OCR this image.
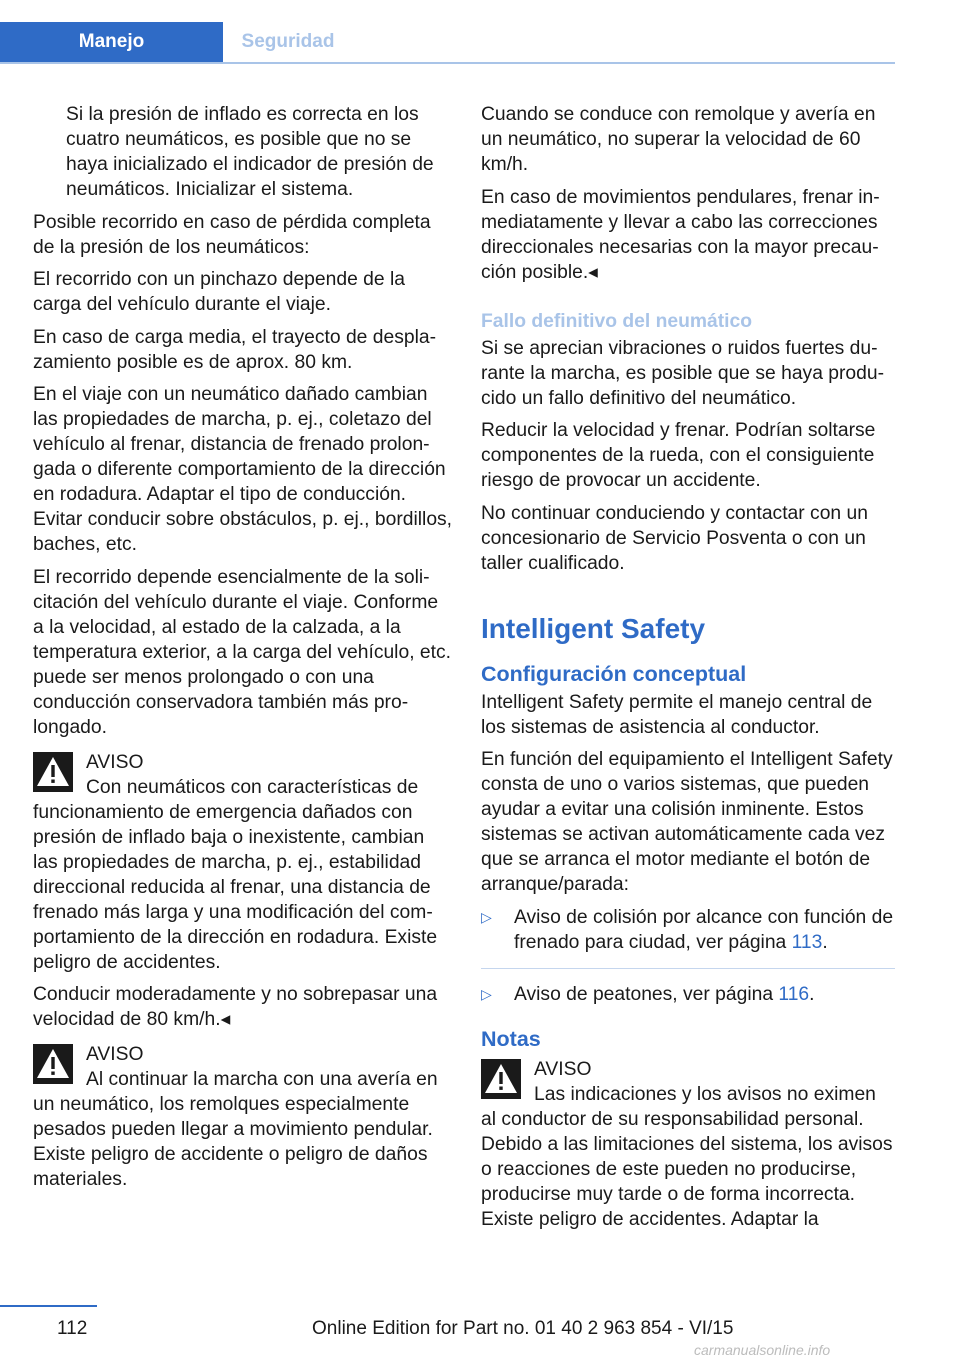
Manejo	Seguridad

Si la presión de inflado es correcta en los cuatro neumáticos, es posible que no se haya inicializado el indicador de presión de neumáticos. Inicializar el sistema.

Posible recorrido en caso de pérdida completa de la presión de los neumáticos:

El recorrido con un pinchazo depende de la carga del vehículo durante el viaje.

En caso de carga media, el trayecto de desplazamiento posible es de aprox. 80 km.

En el viaje con un neumático dañado cambian las propiedades de marcha, p. ej., coletazo del vehículo al frenar, distancia de frenado prolongada o diferente comportamiento de la dirección en rodadura. Adaptar el tipo de conducción. Evitar conducir sobre obstáculos, p. ej., bordillos, baches, etc.

El recorrido depende esencialmente de la solicitación del vehículo durante el viaje. Conforme a la velocidad, al estado de la calzada, a la temperatura exterior, a la carga del vehículo, etc. puede ser menos prolongado o con una conducción conservadora también más prolongado.

AVISO
Con neumáticos con características de funcionamiento de emergencia dañados con presión de inflado baja o inexistente, cambian las propiedades de marcha, p. ej., estabilidad direccional reducida al frenar, una distancia de frenado más larga y una modificación del comportamiento de la dirección en rodadura. Existe peligro de accidentes.

Conducir moderadamente y no sobrepasar una velocidad de 80 km/h.◂

AVISO
Al continuar la marcha con una avería en un neumático, los remolques especialmente pesados pueden llegar a movimiento pendular. Existe peligro de accidente o peligro de daños materiales.

Cuando se conduce con remolque y avería en un neumático, no superar la velocidad de 60 km/h.

En caso de movimientos pendulares, frenar inmediatamente y llevar a cabo las correcciones direccionales necesarias con la mayor precaución posible.◂

Fallo definitivo del neumático

Si se aprecian vibraciones o ruidos fuertes durante la marcha, es posible que se haya producido un fallo definitivo del neumático.

Reducir la velocidad y frenar. Podrían soltarse componentes de la rueda, con el consiguiente riesgo de provocar un accidente.

No continuar conduciendo y contactar con un concesionario de Servicio Posventa o con un taller cualificado.

Intelligent Safety
Configuración conceptual

Intelligent Safety permite el manejo central de los sistemas de asistencia al conductor.

En función del equipamiento el Intelligent Safety consta de uno o varios sistemas, que pueden ayudar a evitar una colisión inminente. Estos sistemas se activan automáticamente cada vez que se arranca el motor mediante el botón de arranque/parada:

▷ Aviso de colisión por alcance con función de frenado para ciudad, ver página 113.
▷ Aviso de peatones, ver página 116.
Notas
AVISO
Las indicaciones y los avisos no eximen al conductor de su responsabilidad personal. Debido a las limitaciones del sistema, los avisos o reacciones de este pueden no producirse, producirse muy tarde o de forma incorrecta. Existe peligro de accidentes. Adaptar la
112	Online Edition for Part no. 01 40 2 963 854 - VI/15
carmanualsonline.info
